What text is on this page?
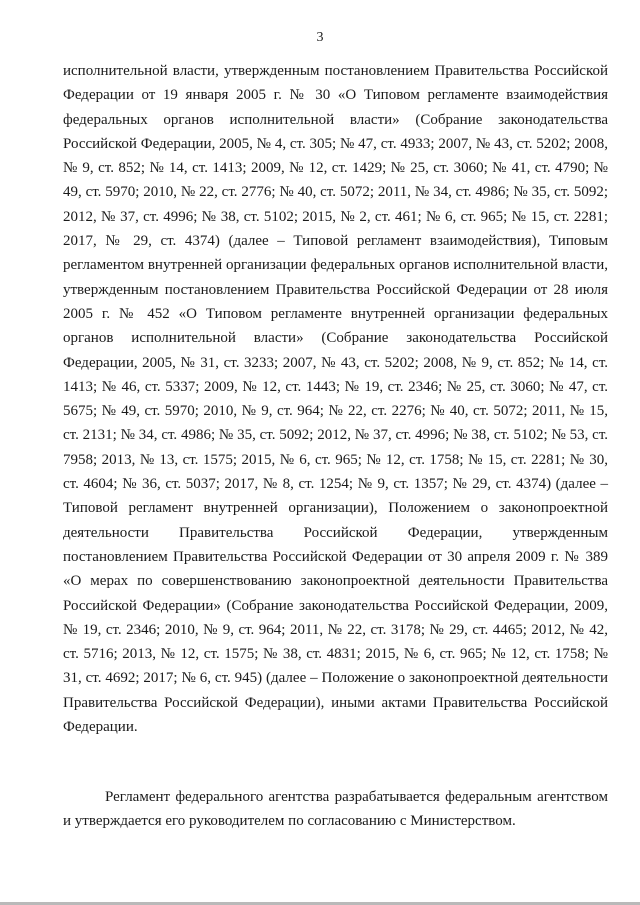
3

исполнительной власти, утвержденным постановлением Правительства Российской Федерации от 19 января 2005 г. № 30 «О Типовом регламенте взаимодействия федеральных органов исполнительной власти» (Собрание законодательства Российской Федерации, 2005, № 4, ст. 305; № 47, ст. 4933; 2007, № 43, ст. 5202; 2008, № 9, ст. 852; № 14, ст. 1413; 2009, № 12, ст. 1429; № 25, ст. 3060; № 41, ст. 4790; № 49, ст. 5970; 2010, № 22, ст. 2776; № 40, ст. 5072; 2011, № 34, ст. 4986; № 35, ст. 5092; 2012, № 37, ст. 4996; № 38, ст. 5102; 2015, № 2, ст. 461; № 6, ст. 965; № 15, ст. 2281; 2017, № 29, ст. 4374) (далее – Типовой регламент взаимодействия), Типовым регламентом внутренней организации федеральных органов исполнительной власти, утвержденным постановлением Правительства Российской Федерации от 28 июля 2005 г. № 452 «О Типовом регламенте внутренней организации федеральных органов исполнительной власти» (Собрание законодательства Российской Федерации, 2005, № 31, ст. 3233; 2007, № 43, ст. 5202; 2008, № 9, ст. 852; № 14, ст. 1413; № 46, ст. 5337; 2009, № 12, ст. 1443; № 19, ст. 2346; № 25, ст. 3060; № 47, ст. 5675; № 49, ст. 5970; 2010, № 9, ст. 964; № 22, ст. 2276; № 40, ст. 5072; 2011, № 15, ст. 2131; № 34, ст. 4986; № 35, ст. 5092; 2012, № 37, ст. 4996; № 38, ст. 5102; № 53, ст. 7958; 2013, № 13, ст. 1575; 2015, № 6, ст. 965; № 12, ст. 1758; № 15, ст. 2281; № 30, ст. 4604; № 36, ст. 5037; 2017, № 8, ст. 1254; № 9, ст. 1357; № 29, ст. 4374) (далее – Типовой регламент внутренней организации), Положением о законопроектной деятельности Правительства Российской Федерации, утвержденным постановлением Правительства Российской Федерации от 30 апреля 2009 г. № 389 «О мерах по совершенствованию законопроектной деятельности Правительства Российской Федерации» (Собрание законодательства Российской Федерации, 2009, № 19, ст. 2346; 2010, № 9, ст. 964; 2011, № 22, ст. 3178; № 29, ст. 4465; 2012, № 42, ст. 5716; 2013, № 12, ст. 1575; № 38, ст. 4831; 2015, № 6, ст. 965; № 12, ст. 1758; № 31, ст. 4692; 2017; № 6, ст. 945) (далее – Положение о законопроектной деятельности Правительства Российской Федерации), иными актами Правительства Российской Федерации.

Регламент федерального агентства разрабатывается федеральным агентством и утверждается его руководителем по согласованию с Министерством.
